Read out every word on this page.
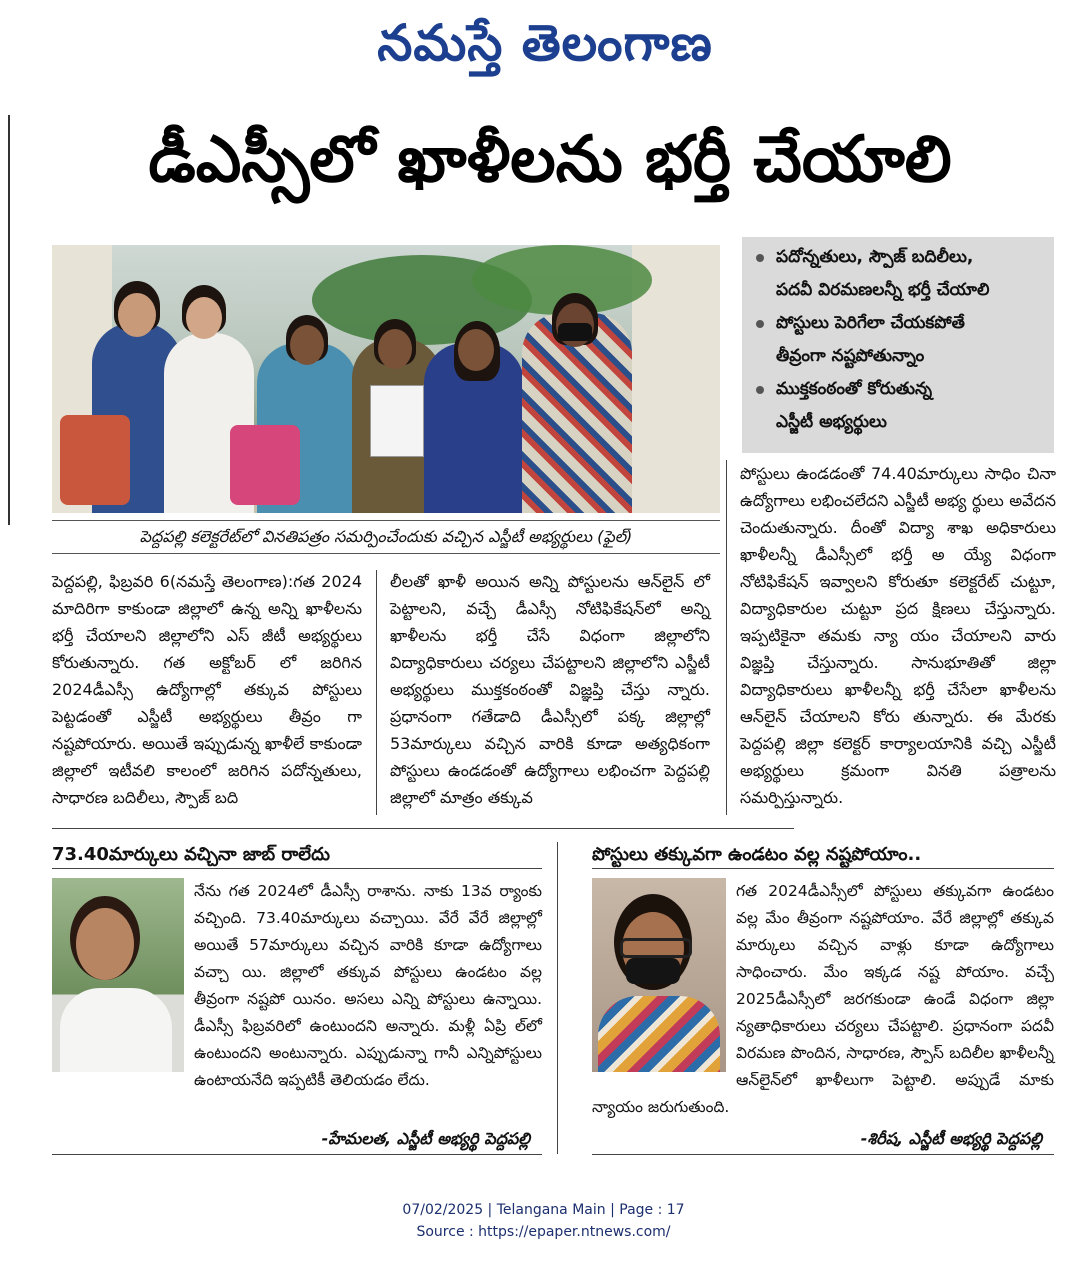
నమస్తే తెలంగాణ
డీఎస్సీలో ఖాళీలను భర్తీ చేయాలి
పెద్దపల్లి కలెక్టరేట్‌లో వినతిపత్రం సమర్పించేందుకు వచ్చిన ఎస్జీటీ అభ్యర్థులు (ఫైల్)
పదోన్నతులు, స్పౌజ్ బదిలీలు,
పదవీ విరమణలన్నీ భర్తీ చేయాలి
పోస్టులు పెరిగేలా చేయకపోతే
తీవ్రంగా నష్టపోతున్నాం
ముక్తకంఠంతో కోరుతున్న
ఎస్జీటీ అభ్యర్థులు

పెద్దపల్లి, ఫిబ్రవరి 6(నమస్తే తెలంగాణ):గత 2024 మాదిరిగా కాకుండా జిల్లాలో ఉన్న అన్ని ఖాళీలను భర్తీ చేయాలని జిల్లాలోని ఎస్ జీటీ అభ్యర్థులు కోరుతున్నారు. గత అక్టోబర్ లో జరిగిన 2024డీఎస్సీ ఉద్యోగాల్లో తక్కువ పోస్టులు పెట్టడంతో ఎస్జీటీ అభ్యర్థులు తీవ్రం గా నష్టపోయారు. అయితే ఇప్పుడున్న ఖాళీలే కాకుండా జిల్లాలో ఇటీవలి కాలంలో జరిగిన పదోన్నతులు, సాధారణ బదిలీలు, స్పౌజ్ బది

లీలతో ఖాళీ అయిన అన్ని పోస్టులను ఆన్‌లైన్ లో పెట్టాలని, వచ్చే డీఎస్సీ నోటిఫికేషన్‌లో అన్ని ఖాళీలను భర్తీ చేసే విధంగా జిల్లాలోని విద్యాధికారులు చర్యలు చేపట్టాలని జిల్లాలోని ఎస్జీటీ అభ్యర్థులు ముక్తకంఠంతో విజ్ఞప్తి చేస్తు న్నారు. ప్రధానంగా గతేడాది డీఎస్సీలో పక్క జిల్లాల్లో 53మార్కులు వచ్చిన వారికి కూడా అత్యధికంగా పోస్టులు ఉండడంతో ఉద్యోగాలు లభించగా పెద్దపల్లి జిల్లాలో మాత్రం తక్కువ

పోస్టులు ఉండడంతో 74.40మార్కులు సాధిం చినా ఉద్యోగాలు లభించలేదని ఎస్జీటీ అభ్య ర్థులు అవేదన చెందుతున్నారు. దీంతో విద్యా శాఖ అధికారులు ఖాళీలన్నీ డీఎస్సీలో భర్తీ అ య్యే విధంగా నోటిఫికేషన్ ఇవ్వాలని కోరుతూ కలెక్టరేట్ చుట్టూ, విద్యాధికారుల చుట్టూ ప్రద క్షిణలు చేస్తున్నారు. ఇప్పటికైనా తమకు న్యా యం చేయాలని వారు విజ్ఞప్తి చేస్తున్నారు. సానుభూతితో జిల్లా విద్యాధికారులు ఖాళీలన్నీ భర్తీ చేసేలా ఖాళీలను ఆన్‌లైన్ చేయాలని కోరు తున్నారు. ఈ మేరకు పెద్దపల్లి జిల్లా కలెక్టర్ కార్యాలయానికి వచ్చి ఎస్జీటీ అభ్యర్థులు క్రమంగా వినతి పత్రాలను సమర్పిస్తున్నారు.

73.40మార్కులు వచ్చినా జాబ్ రాలేదు

నేను గత 2024లో డీఎస్సీ రాశాను. నాకు 13వ ర్యాంకు వచ్చింది. 73.40మార్కులు వచ్చాయి. వేరే వేరే జిల్లాల్లో అయితే 57మార్కులు వచ్చిన వారికి కూడా ఉద్యోగాలు వచ్చా యి. జిల్లాలో తక్కువ పోస్టులు ఉండటం వల్ల తీవ్రంగా నష్టపో యినం. అసలు ఎన్ని పోస్టులు ఉన్నాయి. డీఎస్సీ ఫిబ్రవరిలో ఉంటుందని అన్నారు. మళ్లీ ఏప్రి ల్‌లో ఉంటుందని అంటున్నారు. ఎప్పుడున్నా గానీ ఎన్నిపోస్టులు ఉంటాయనేది ఇప్పటికీ తెలియడం లేదు.

-హేమలత, ఎస్జీటీ అభ్యర్థి పెద్దపల్లి
పోస్టులు తక్కువగా ఉండటం వల్ల నష్టపోయాం..

గత 2024డీఎస్సీలో పోస్టులు తక్కువగా ఉండటం వల్ల మేం తీవ్రంగా నష్టపోయాం. వేరే జిల్లాల్లో తక్కువ మార్కులు వచ్చిన వాళ్లు కూడా ఉద్యోగాలు సాధించారు. మేం ఇక్కడ నష్ట పోయాం. వచ్చే 2025డీఎస్సీలో జరగకుండా ఉండే విధంగా జిల్లా న్యతాధికారులు చర్యలు చేపట్టాలి. ప్రధానంగా పదవీ విరమణ పొందిన, సాధారణ, స్పౌస్ బదిలీల ఖాళీలన్నీ ఆన్‌లైన్‌లో ఖాళీలుగా పెట్టాలి. అప్పుడే మాకు న్యాయం జరుగుతుంది.

-శిరీష, ఎస్జీటీ అభ్యర్థి పెద్దపల్లి
07/02/2025 | Telangana Main | Page : 17
Source : https://epaper.ntnews.com/
